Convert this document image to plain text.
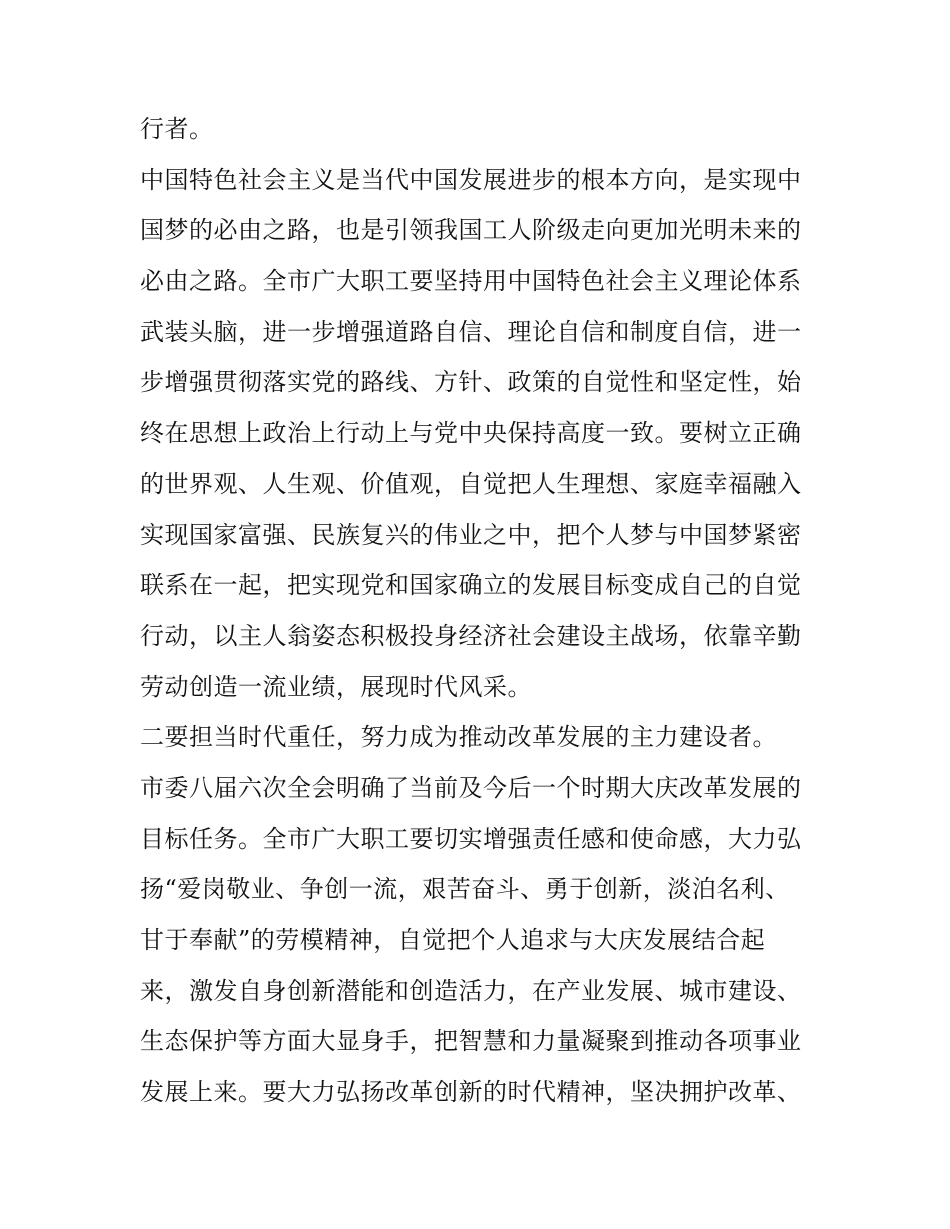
行者。
中国特色社会主义是当代中国发展进步的根本方向，是实现中
国梦的必由之路，也是引领我国工人阶级走向更加光明未来的
必由之路。全市广大职工要坚持用中国特色社会主义理论体系
武装头脑，进一步增强道路自信、理论自信和制度自信，进一
步增强贯彻落实党的路线、方针、政策的自觉性和坚定性，始
终在思想上政治上行动上与党中央保持高度一致。要树立正确
的世界观、人生观、价值观，自觉把人生理想、家庭幸福融入
实现国家富强、民族复兴的伟业之中，把个人梦与中国梦紧密
联系在一起，把实现党和国家确立的发展目标变成自己的自觉
行动，以主人翁姿态积极投身经济社会建设主战场，依靠辛勤
劳动创造一流业绩，展现时代风采。
二要担当时代重任，努力成为推动改革发展的主力建设者。
市委八届六次全会明确了当前及今后一个时期大庆改革发展的
目标任务。全市广大职工要切实增强责任感和使命感，大力弘
扬“爱岗敬业、争创一流，艰苦奋斗、勇于创新，淡泊名利、
甘于奉献”的劳模精神，自觉把个人追求与大庆发展结合起
来，激发自身创新潜能和创造活力，在产业发展、城市建设、
生态保护等方面大显身手，把智慧和力量凝聚到推动各项事业
发展上来。要大力弘扬改革创新的时代精神，坚决拥护改革、
